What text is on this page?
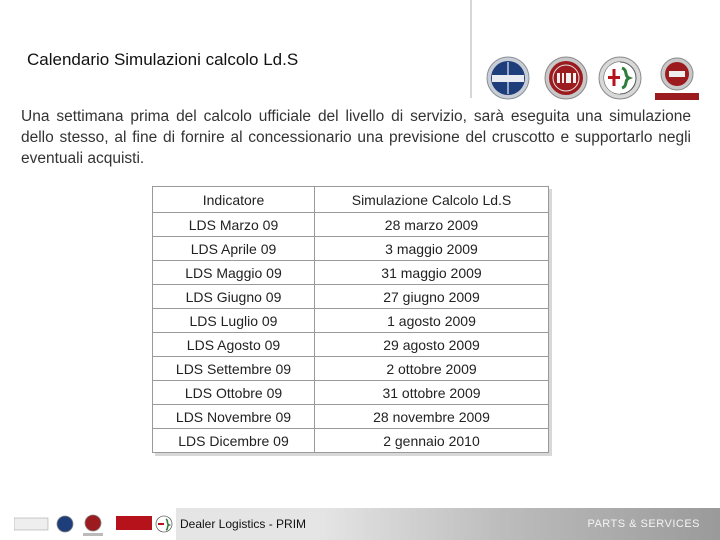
Calendario Simulazioni calcolo Ld.S
Una settimana prima del calcolo ufficiale del livello di servizio, sarà eseguita una simulazione dello stesso, al fine di fornire al concessionario una previsione del cruscotto e supportarlo negli eventuali acquisti.
Indicatore	Simulazione Calcolo Ld.S
LDS Marzo 09	28 marzo 2009
LDS Aprile 09	3 maggio 2009
LDS Maggio 09	31 maggio 2009
LDS Giugno 09	27 giugno 2009
LDS Luglio 09	1 agosto 2009
LDS Agosto 09	29 agosto 2009
LDS Settembre 09	2 ottobre 2009
LDS Ottobre 09	31 ottobre 2009
LDS Novembre 09	28 novembre 2009
LDS Dicembre 09	2 gennaio 2010
Dealer Logistics - PRIM	PARTS & SERVICES
